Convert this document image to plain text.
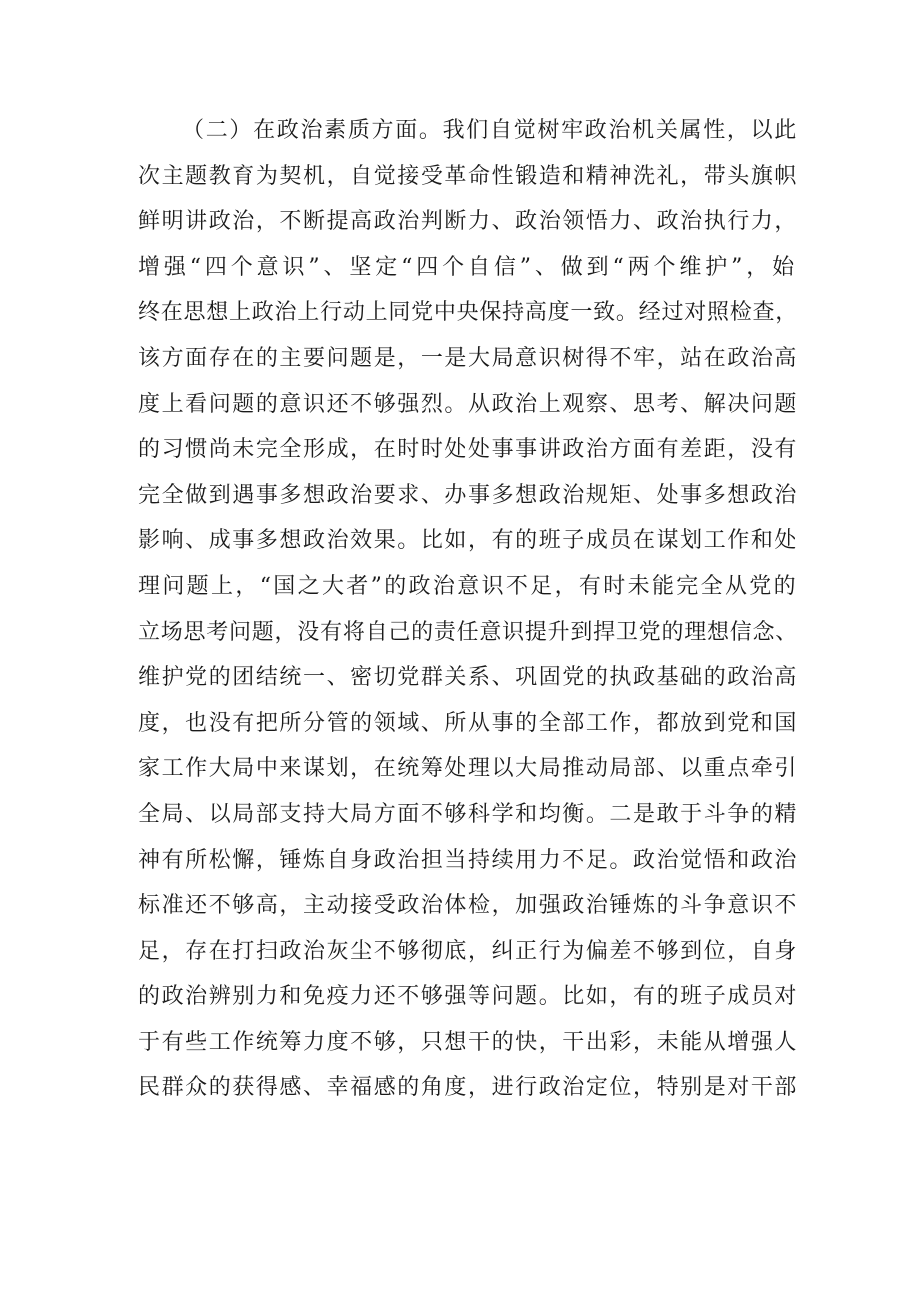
（二）在政治素质方面。我们自觉树牢政治机关属性，以此
次主题教育为契机，自觉接受革命性锻造和精神洗礼，带头旗帜
鲜明讲政治，不断提高政治判断力、政治领悟力、政治执行力，
增强“四个意识”、坚定“四个自信”、做到“两个维护”，始
终在思想上政治上行动上同党中央保持高度一致。经过对照检查，
该方面存在的主要问题是，一是大局意识树得不牢，站在政治高
度上看问题的意识还不够强烈。从政治上观察、思考、解决问题
的习惯尚未完全形成，在时时处处事事讲政治方面有差距，没有
完全做到遇事多想政治要求、办事多想政治规矩、处事多想政治
影响、成事多想政治效果。比如，有的班子成员在谋划工作和处
理问题上，“国之大者”的政治意识不足，有时未能完全从党的
立场思考问题，没有将自己的责任意识提升到捍卫党的理想信念、
维护党的团结统一、密切党群关系、巩固党的执政基础的政治高
度，也没有把所分管的领域、所从事的全部工作，都放到党和国
家工作大局中来谋划，在统筹处理以大局推动局部、以重点牵引
全局、以局部支持大局方面不够科学和均衡。二是敢于斗争的精
神有所松懈，锤炼自身政治担当持续用力不足。政治觉悟和政治
标准还不够高，主动接受政治体检，加强政治锤炼的斗争意识不
足，存在打扫政治灰尘不够彻底，纠正行为偏差不够到位，自身
的政治辨别力和免疫力还不够强等问题。比如，有的班子成员对
于有些工作统筹力度不够，只想干的快，干出彩，未能从增强人
民群众的获得感、幸福感的角度，进行政治定位，特别是对干部
